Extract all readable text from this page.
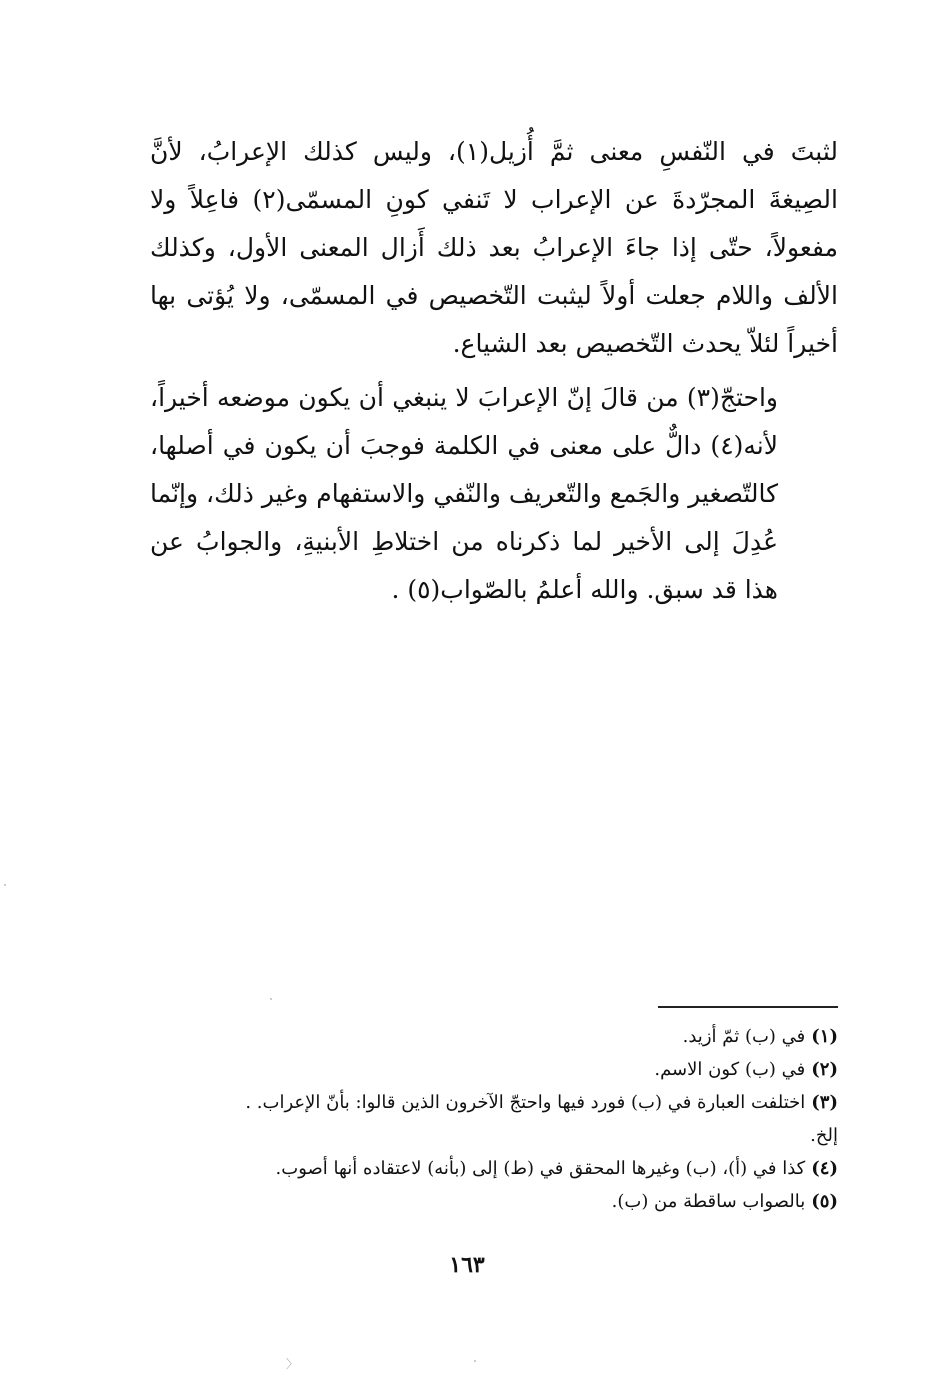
لثبتَ في النّفسِ معنى ثمَّ أُزيل(١)، وليس كذلك الإعرابُ، لأنَّ الصِيغةَ المجرّدةَ عن الإعراب لا تَنفي كونِ المسمّى(٢) فاعِلاً ولا مفعولاً، حتّى إذا جاءَ الإعرابُ بعد ذلك أَزال المعنى الأول، وكذلك الألف واللام جعلت أولاً ليثبت التّخصيص في المسمّى، ولا يُؤتى بها أخيراً لئلاّ يحدث التّخصيص بعد الشياع.

واحتجّ(٣) من قالَ إنّ الإعرابَ لا ينبغي أن يكون موضعه أخيراً، لأنه(٤) دالٌّ على معنى في الكلمة فوجبَ أن يكون في أصلها، كالتّصغير والجَمع والتّعريف والنّفي والاستفهام وغير ذلك، وإنّما عُدِلَ إلى الأخير لما ذكرناه من اختلاطِ الأبنيةِ، والجوابُ عن هذا قد سبق. والله أعلمُ بالصّواب(٥) .

(١)في (ب) ثمّ أزيد.
(٢)في (ب) كون الاسم.
(٣)اختلفت العبارة في (ب) فورد فيها واحتجّ الآخرون الذين قالوا: بأنّ الإعراب. .
إلخ.
(٤)كذا في (أ)، (ب) وغيرها المحقق في (ط) إلى (بأنه) لاعتقاده أنها أصوب.
(٥)بالصواب ساقطة من (ب).
١٦٣
〉
